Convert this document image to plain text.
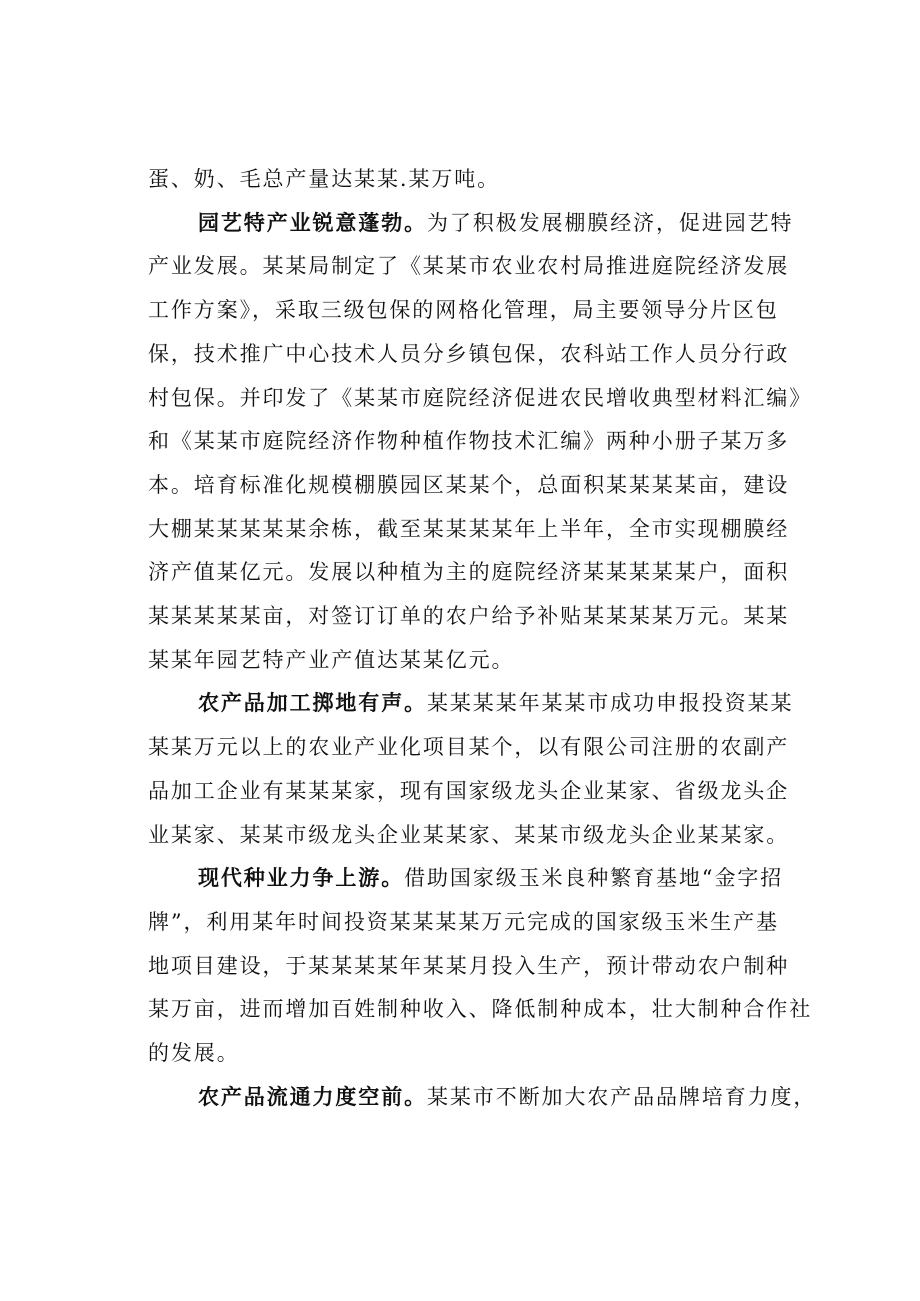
蛋、奶、毛总产量达某某.某万吨。
园艺特产业锐意蓬勃。为了积极发展棚膜经济，促进园艺特
产业发展。某某局制定了《某某市农业农村局推进庭院经济发展
工作方案》，采取三级包保的网格化管理，局主要领导分片区包
保，技术推广中心技术人员分乡镇包保，农科站工作人员分行政
村包保。并印发了《某某市庭院经济促进农民增收典型材料汇编》
和《某某市庭院经济作物种植作物技术汇编》两种小册子某万多
本。培育标准化规模棚膜园区某某个，总面积某某某某亩，建设
大棚某某某某某余栋，截至某某某某年上半年，全市实现棚膜经
济产值某亿元。发展以种植为主的庭院经济某某某某某户，面积
某某某某某亩，对签订订单的农户给予补贴某某某某万元。某某
某某年园艺特产业产值达某某亿元。
农产品加工掷地有声。某某某某年某某市成功申报投资某某
某某万元以上的农业产业化项目某个，以有限公司注册的农副产
品加工企业有某某某家，现有国家级龙头企业某家、省级龙头企
业某家、某某市级龙头企业某某家、某某市级龙头企业某某家。
现代种业力争上游。借助国家级玉米良种繁育基地“金字招
牌”，利用某年时间投资某某某某万元完成的国家级玉米生产基
地项目建设，于某某某某年某某月投入生产，预计带动农户制种
某万亩，进而增加百姓制种收入、降低制种成本，壮大制种合作社
的发展。
农产品流通力度空前。某某市不断加大农产品品牌培育力度，
